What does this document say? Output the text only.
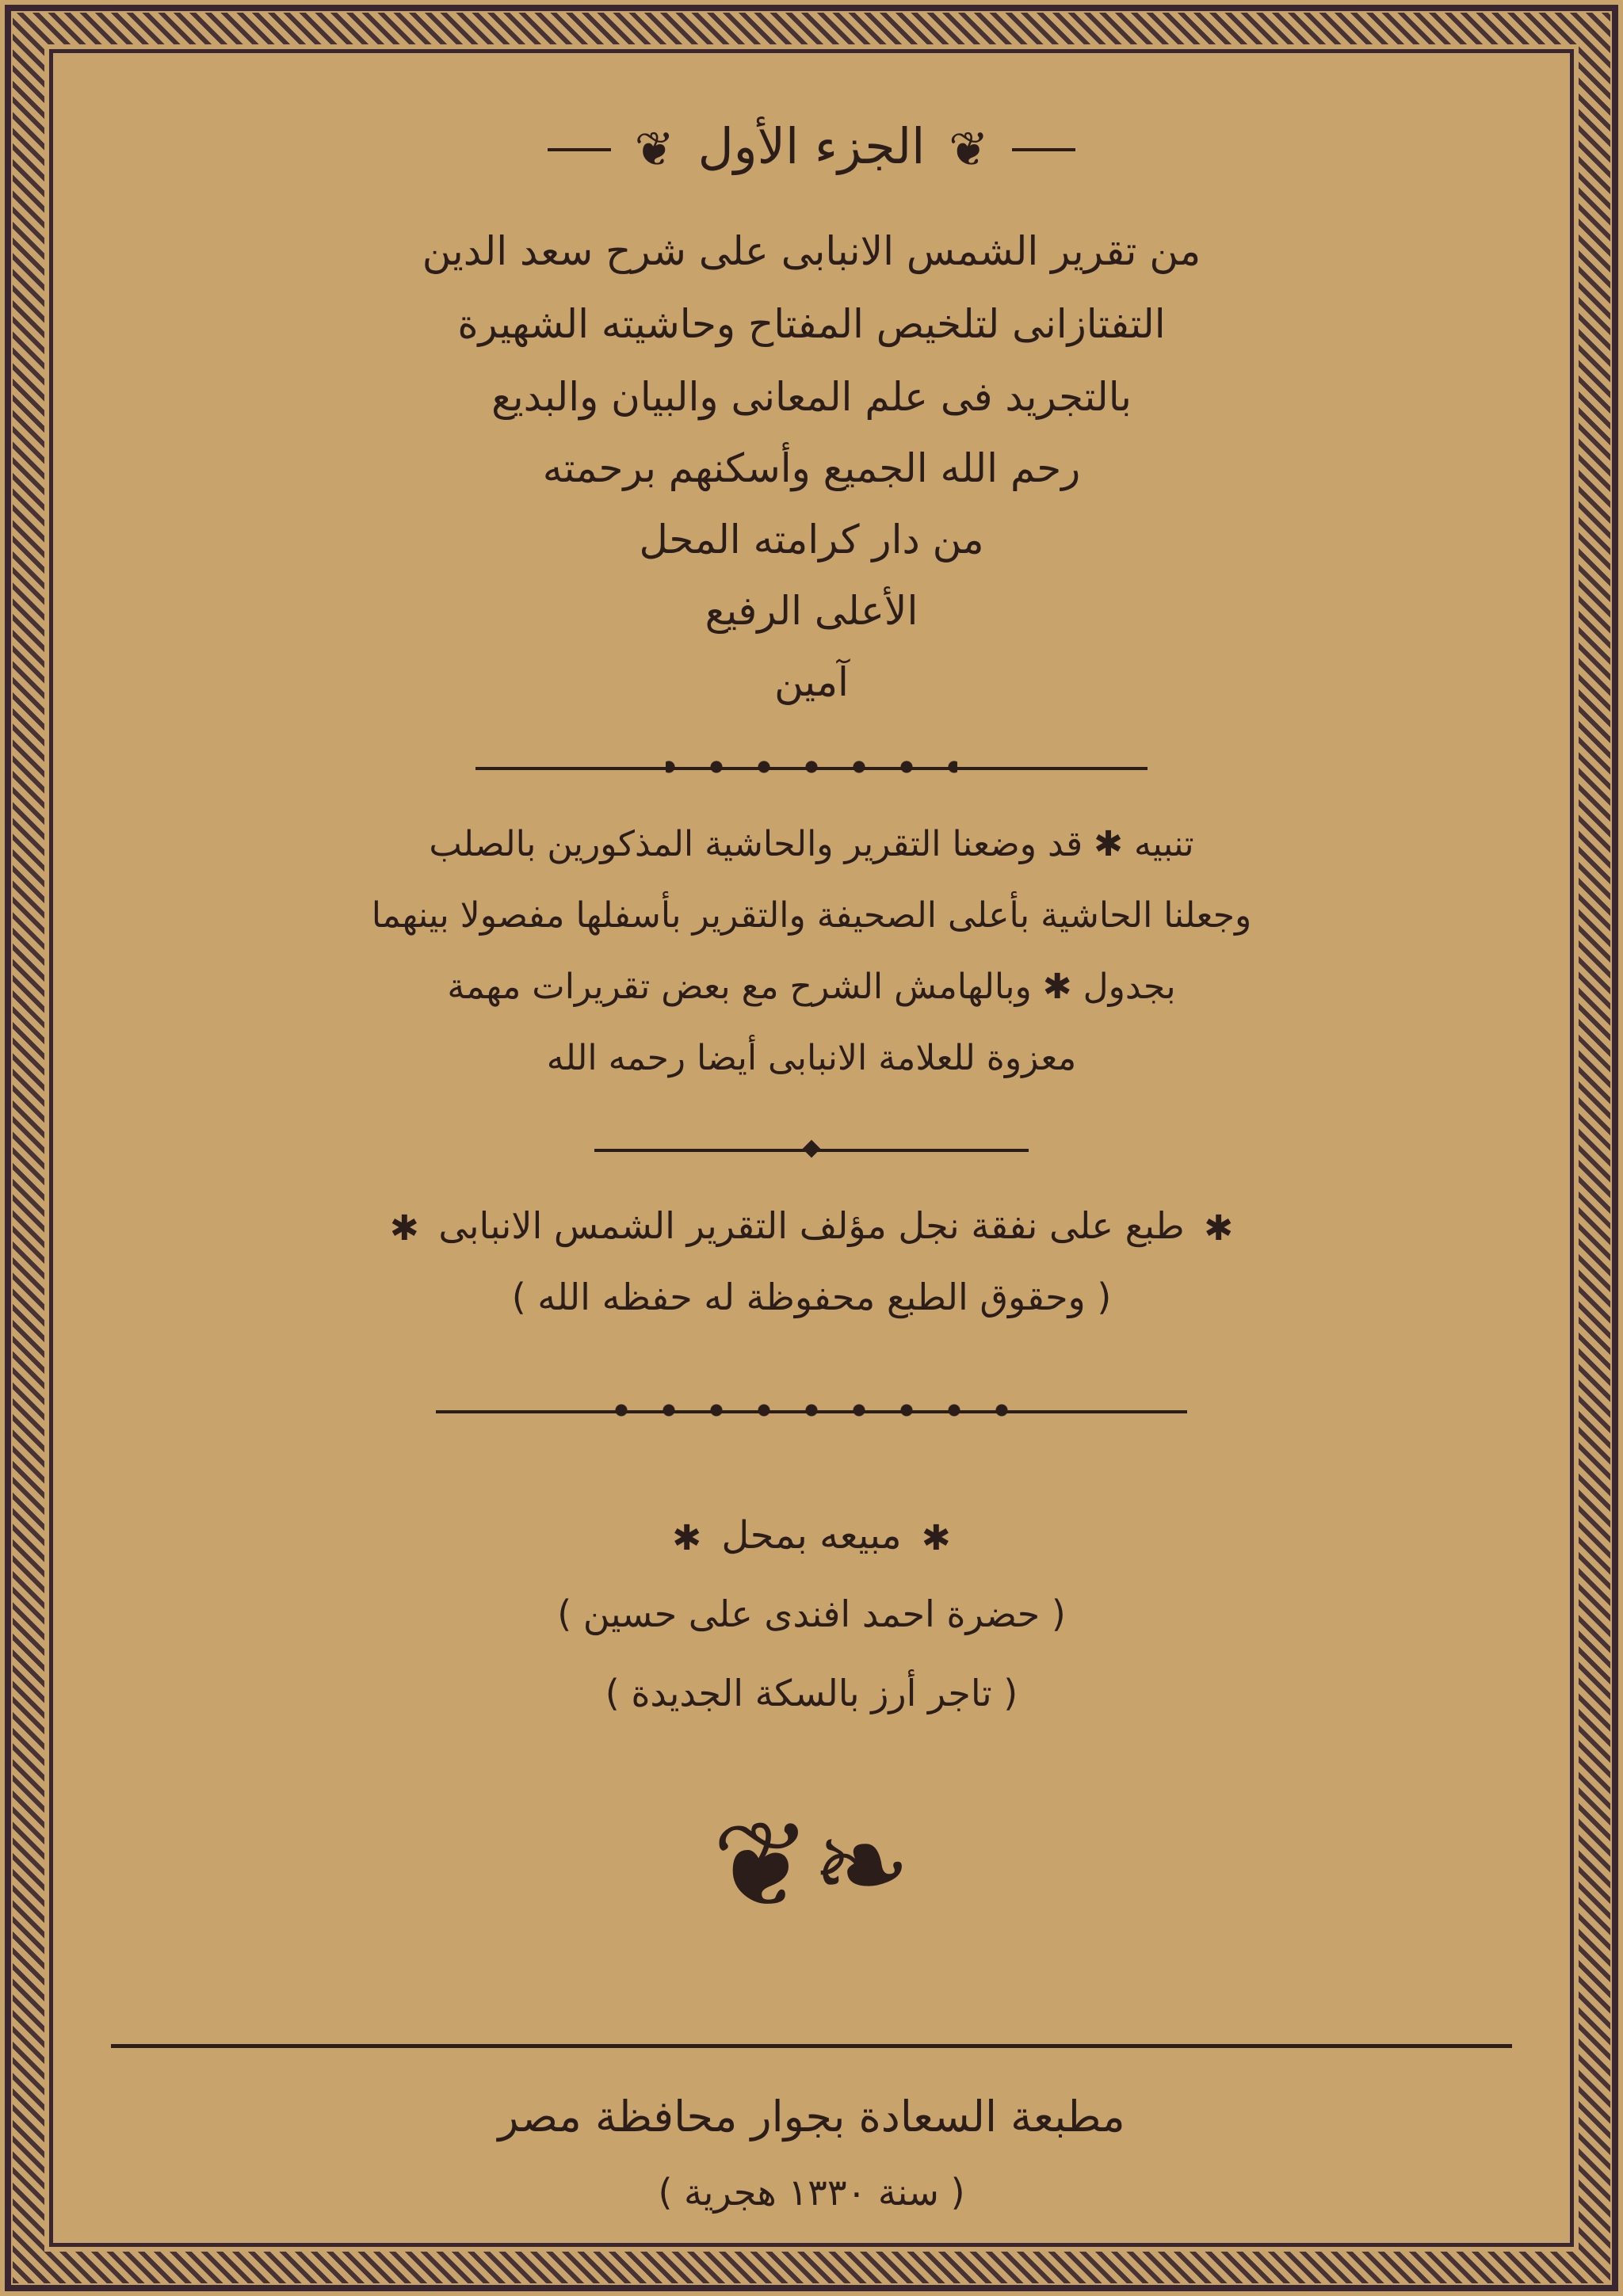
❦ الجزء الأول ❦
من تقرير الشمس الانبابى على شرح سعد الدين
التفتازانى لتلخيص المفتاح وحاشيته الشهيرة
بالتجريد فى علم المعانى والبيان والبديع
رحم الله الجميع وأسكنهم برحمته
من دار كرامته المحل
الأعلى الرفيع
آمين
تنبيه ✱ قد وضعنا التقرير والحاشية المذكورين بالصلب
وجعلنا الحاشية بأعلى الصحيفة والتقرير بأسفلها مفصولا بينهما
بجدول ✱ وبالهامش الشرح مع بعض تقريرات مهمة
معزوة للعلامة الانبابى أيضا رحمه الله
✱ طبع على نفقة نجل مؤلف التقرير الشمس الانبابى ✱
( وحقوق الطبع محفوظة له حفظه الله )
✱ مبيعه بمحل ✱
( حضرة احمد افندى على حسين )
( تاجر أرز بالسكة الجديدة )
❧❦
مطبعة السعادة بجوار محافظة مصر
( سنة ١٣٣٠ هجرية )
